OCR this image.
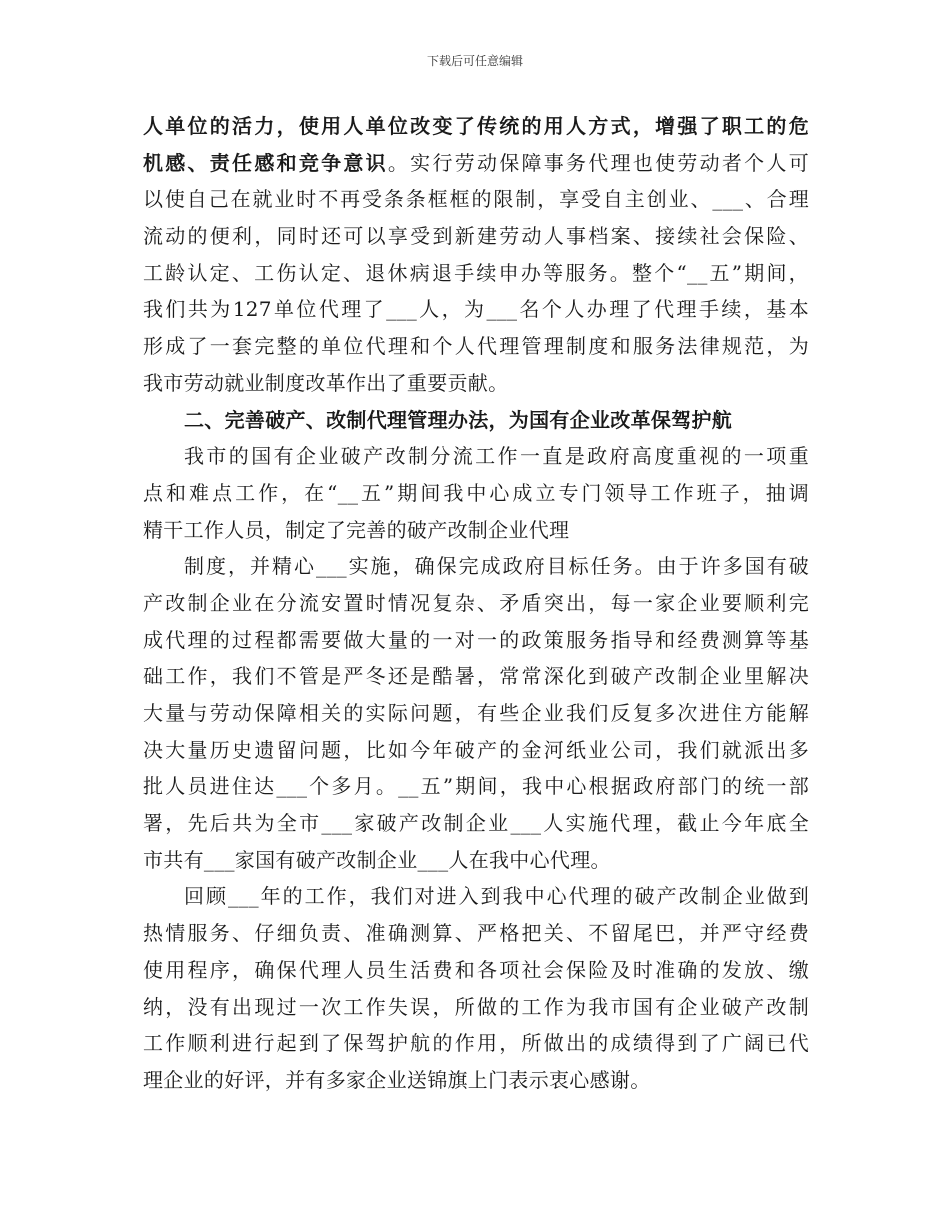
下载后可任意编辑
人单位的活力，使用人单位改变了传统的用人方式，增强了职工的危
机感、责任感和竞争意识。实行劳动保障事务代理也使劳动者个人可
以使自己在就业时不再受条条框框的限制，享受自主创业、___、合理
流动的便利，同时还可以享受到新建劳动人事档案、接续社会保险、
工龄认定、工伤认定、退休病退手续申办等服务。整个“__五”期间，
我们共为127单位代理了___人，为___名个人办理了代理手续，基本
形成了一套完整的单位代理和个人代理管理制度和服务法律规范，为
我市劳动就业制度改革作出了重要贡献。
二、完善破产、改制代理管理办法，为国有企业改革保驾护航
我市的国有企业破产改制分流工作一直是政府高度重视的一项重
点和难点工作，在“__五”期间我中心成立专门领导工作班子，抽调
精干工作人员，制定了完善的破产改制企业代理
制度，并精心___实施，确保完成政府目标任务。由于许多国有破
产改制企业在分流安置时情况复杂、矛盾突出，每一家企业要顺利完
成代理的过程都需要做大量的一对一的政策服务指导和经费测算等基
础工作，我们不管是严冬还是酷暑，常常深化到破产改制企业里解决
大量与劳动保障相关的实际问题，有些企业我们反复多次进住方能解
决大量历史遗留问题，比如今年破产的金河纸业公司，我们就派出多
批人员进住达___个多月。__五”期间，我中心根据政府部门的统一部
署，先后共为全市___家破产改制企业___人实施代理，截止今年底全
市共有___家国有破产改制企业___人在我中心代理。
回顾___年的工作，我们对进入到我中心代理的破产改制企业做到
热情服务、仔细负责、准确测算、严格把关、不留尾巴，并严守经费
使用程序，确保代理人员生活费和各项社会保险及时准确的发放、缴
纳，没有出现过一次工作失误，所做的工作为我市国有企业破产改制
工作顺利进行起到了保驾护航的作用，所做出的成绩得到了广阔已代
理企业的好评，并有多家企业送锦旗上门表示衷心感谢。
